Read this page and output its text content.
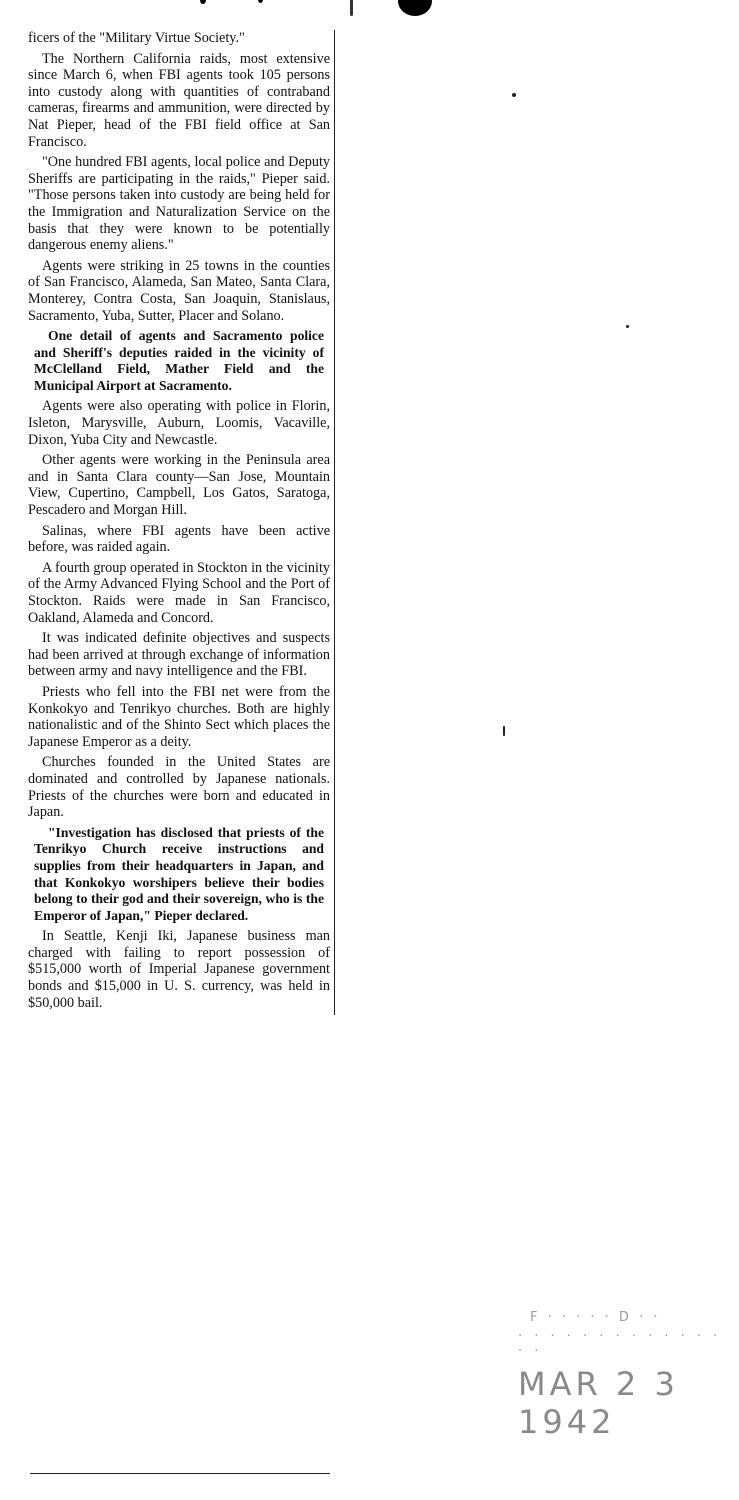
ficers of the "Military Virtue Society."

The Northern California raids, most extensive since March 6, when FBI agents took 105 persons into custody along with quantities of contraband cameras, firearms and ammunition, were directed by Nat Pieper, head of the FBI field office at San Francisco.

"One hundred FBI agents, local police and Deputy Sheriffs are participating in the raids," Pieper said. "Those persons taken into custody are being held for the Immigration and Naturalization Service on the basis that they were known to be potentially dangerous enemy aliens."

Agents were striking in 25 towns in the counties of San Francisco, Alameda, San Mateo, Santa Clara, Monterey, Contra Costa, San Joaquin, Stanislaus, Sacramento, Yuba, Sutter, Placer and Solano.

One detail of agents and Sacramento police and Sheriff's deputies raided in the vicinity of McClelland Field, Mather Field and the Municipal Airport at Sacramento.

Agents were also operating with police in Florin, Isleton, Marysville, Auburn, Loomis, Vacaville, Dixon, Yuba City and Newcastle.

Other agents were working in the Peninsula area and in Santa Clara county—San Jose, Mountain View, Cupertino, Campbell, Los Gatos, Saratoga, Pescadero and Morgan Hill.

Salinas, where FBI agents have been active before, was raided again.

A fourth group operated in Stockton in the vicinity of the Army Advanced Flying School and the Port of Stockton. Raids were made in San Francisco, Oakland, Alameda and Concord.

It was indicated definite objectives and suspects had been arrived at through exchange of information between army and navy intelligence and the FBI.

Priests who fell into the FBI net were from the Konkokyo and Tenrikyo churches. Both are highly nationalistic and of the Shinto Sect which places the Japanese Emperor as a deity.

Churches founded in the United States are dominated and controlled by Japanese nationals. Priests of the churches were born and educated in Japan.

"Investigation has disclosed that priests of the Tenrikyo Church receive instructions and supplies from their headquarters in Japan, and that Konkokyo worshipers believe their bodies belong to their god and their sovereign, who is the Emperor of Japan," Pieper declared.

In Seattle, Kenji Iki, Japanese business man charged with failing to report possession of $515,000 worth of Imperial Japanese government bonds and $15,000 in U. S. currency, was held in $50,000 bail.

F · · · · · D · ·
· · · · · · · · · · · · · · ·
MAR 2 3 1942
